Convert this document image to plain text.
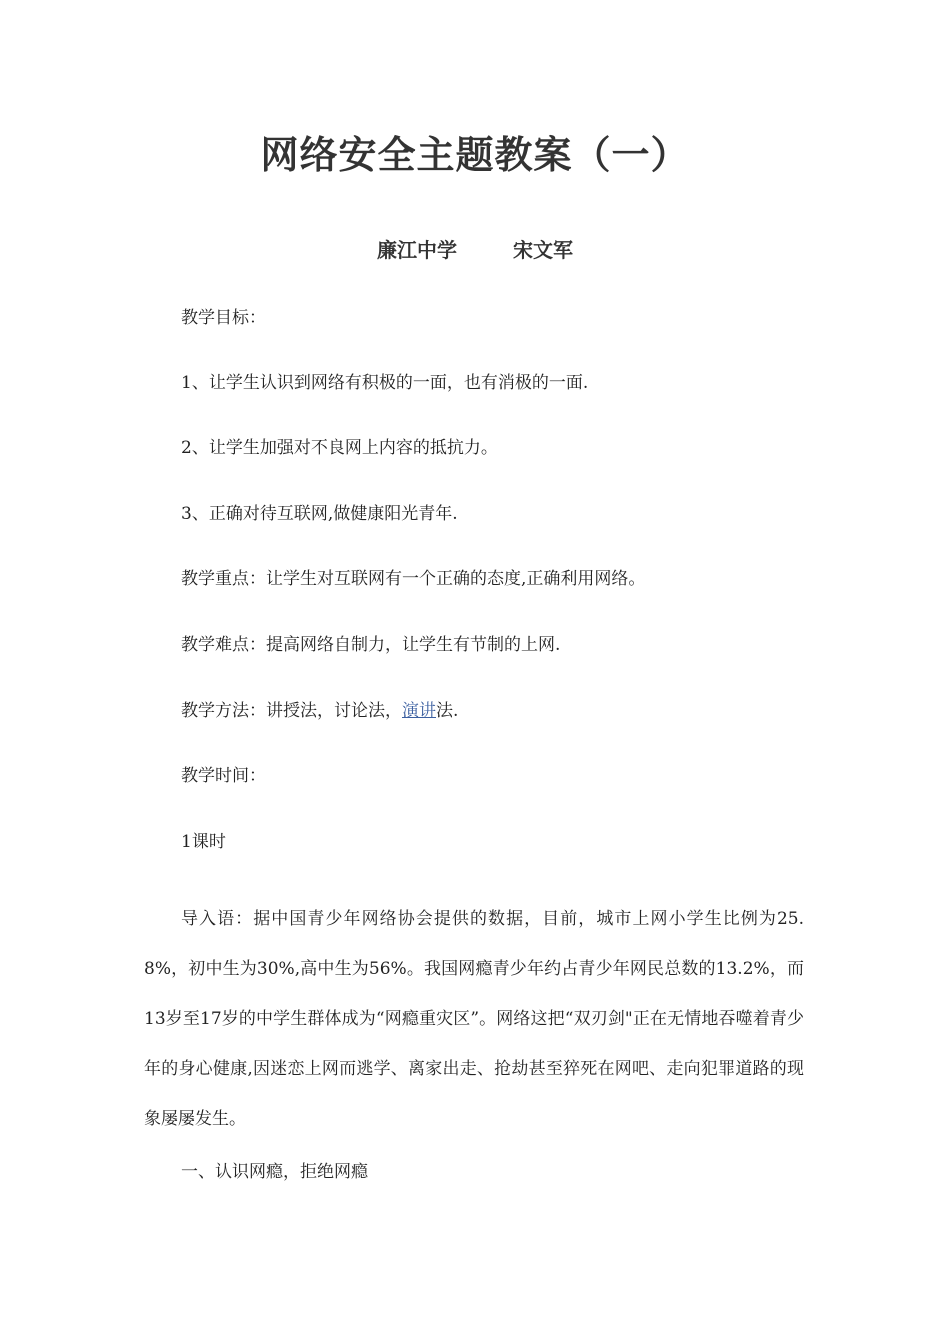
网络安全主题教案（一）
廉江中学	宋文军
教学目标：
1、让学生认识到网络有积极的一面，也有消极的一面.
2、让学生加强对不良网上内容的抵抗力。
3、正确对待互联网,做健康阳光青年.
教学重点：让学生对互联网有一个正确的态度,正确利用网络。
教学难点：提高网络自制力，让学生有节制的上网.
教学方法：讲授法，讨论法，演讲法.
教学时间：
1课时
导入语：据中国青少年网络协会提供的数据，目前，城市上网小学生比例为25.8%，初中生为30%,高中生为56%。我国网瘾青少年约占青少年网民总数的13.2%，而13岁至17岁的中学生群体成为“网瘾重灾区”。网络这把“双刃剑"正在无情地吞噬着青少年的身心健康,因迷恋上网而逃学、离家出走、抢劫甚至猝死在网吧、走向犯罪道路的现象屡屡发生。
一、认识网瘾，拒绝网瘾
